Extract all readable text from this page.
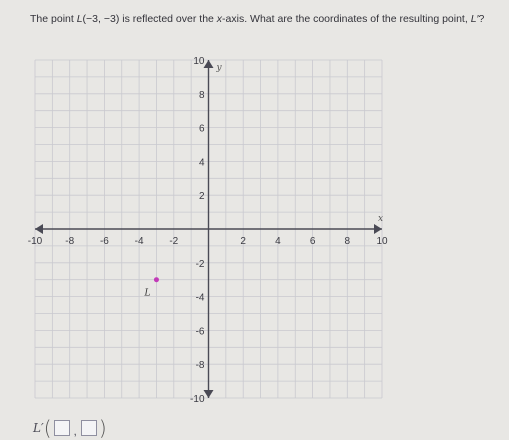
The point L(−3, −3) is reflected over the x-axis. What are the coordinates of the resulting point, L′?
x
y
-10 -8	-6	-4	-2	2	4	6	8	10
10
8
6
4
2
-2
-4
-6
-8
-10
L
L′ ( , )
